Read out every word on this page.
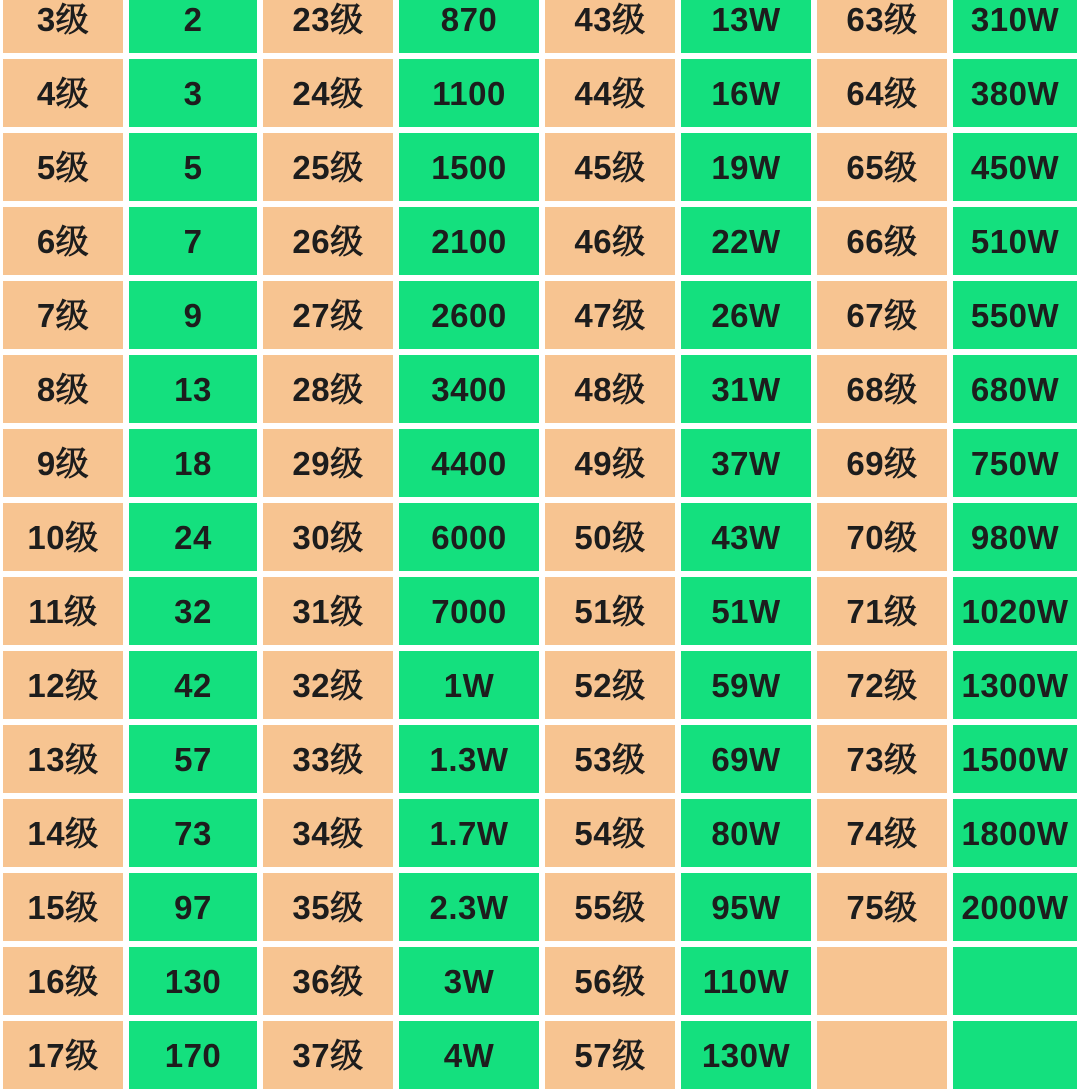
3级	2	23级	870	43级	13W	63级	310W
4级	3	24级	1100	44级	16W	64级	380W
5级	5	25级	1500	45级	19W	65级	450W
6级	7	26级	2100	46级	22W	66级	510W
7级	9	27级	2600	47级	26W	67级	550W
8级	13	28级	3400	48级	31W	68级	680W
9级	18	29级	4400	49级	37W	69级	750W
10级	24	30级	6000	50级	43W	70级	980W
11级	32	31级	7000	51级	51W	71级	1020W
12级	42	32级	1W	52级	59W	72级	1300W
13级	57	33级	1.3W	53级	69W	73级	1500W
14级	73	34级	1.7W	54级	80W	74级	1800W
15级	97	35级	2.3W	55级	95W	75级	2000W
16级	130	36级	3W	56级	110W
17级	170	37级	4W	57级	130W
